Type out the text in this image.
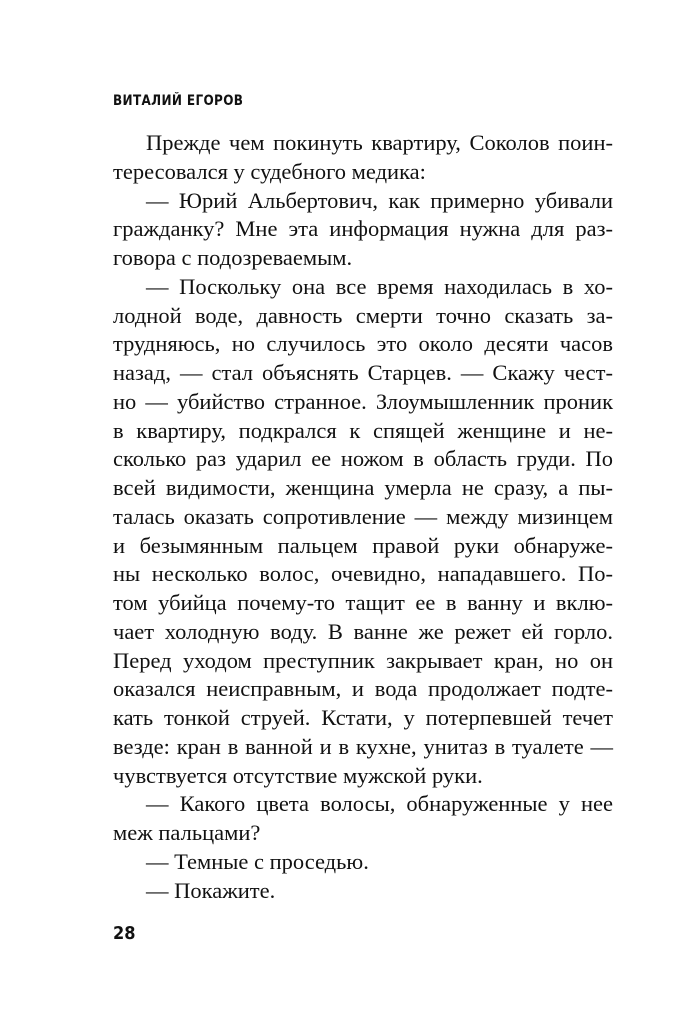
ВИТАЛИЙ ЕГОРОВ
Прежде чем покинуть квартиру, Соколов поин-
тересовался у судебного медика:
— Юрий Альбертович, как примерно убивали
гражданку? Мне эта информация нужна для раз-
говора с подозреваемым.
— Поскольку она все время находилась в хо-
лодной воде, давность смерти точно сказать за-
трудняюсь, но случилось это около десяти часов
назад, — стал объяснять Старцев. — Скажу чест-
но — убийство странное. Злоумышленник проник
в квартиру, подкрался к спящей женщине и не-
сколько раз ударил ее ножом в область груди. По
всей видимости, женщина умерла не сразу, а пы-
талась оказать сопротивление — между мизинцем
и безымянным пальцем правой руки обнаруже-
ны несколько волос, очевидно, нападавшего. По-
том убийца почему-то тащит ее в ванну и вклю-
чает холодную воду. В ванне же режет ей горло.
Перед уходом преступник закрывает кран, но он
оказался неисправным, и вода продолжает подте-
кать тонкой струей. Кстати, у потерпевшей течет
везде: кран в ванной и в кухне, унитаз в туалете —
чувствуется отсутствие мужской руки.
— Какого цвета волосы, обнаруженные у нее
меж пальцами?
— Темные с проседью.
— Покажите.
28
